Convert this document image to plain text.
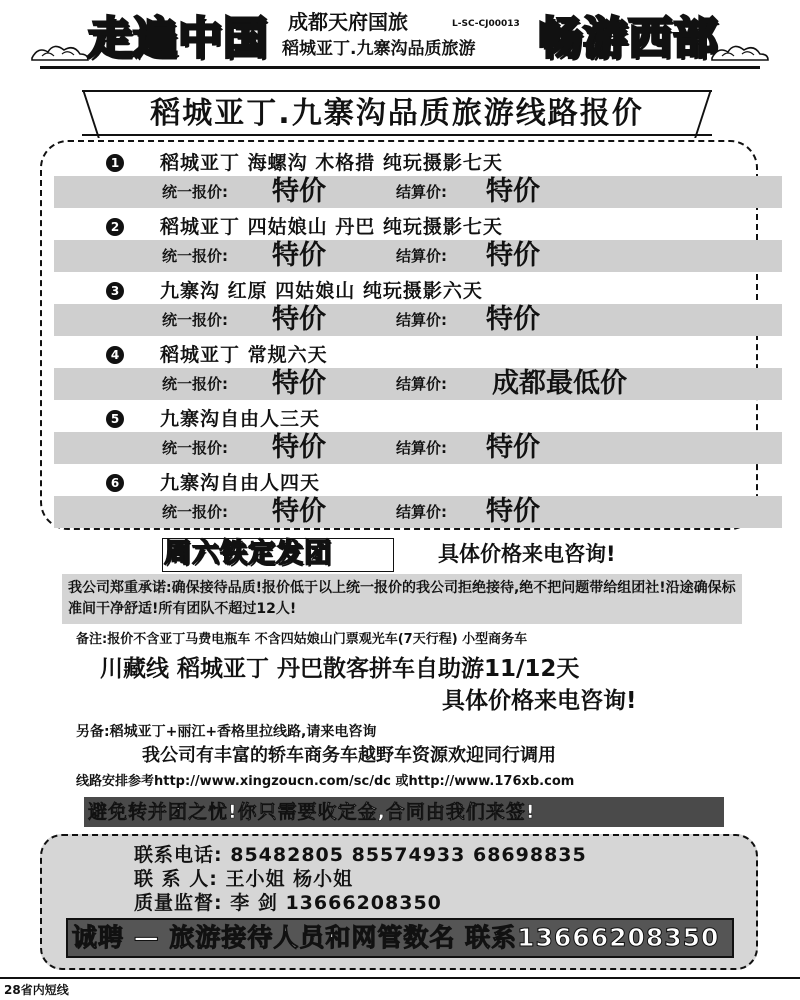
走遍中国 成都天府国旅	L-SC-CJ00013
稻城亚丁.九寨沟品质旅游 畅游西部
稻城亚丁.九寨沟品质旅游线路报价
1 稻城亚丁 海螺沟 木格措 纯玩摄影七天
统一报价: 特价	结算价: 特价
2 稻城亚丁 四姑娘山 丹巴 纯玩摄影七天
统一报价: 特价	结算价: 特价
3 九寨沟 红原 四姑娘山 纯玩摄影六天
统一报价: 特价	结算价: 特价
4 稻城亚丁 常规六天
统一报价: 特价	结算价: 成都最低价
5 九寨沟自由人三天
统一报价: 特价	结算价: 特价
6 九寨沟自由人四天
统一报价: 特价	结算价: 特价
周六铁定发团	具体价格来电咨询!
我公司郑重承诺:确保接待品质!报价低于以上统一报价的我公司拒绝接待,绝不把问题带给组团社!沿途确保标准间干净舒适!所有团队不超过12人!
备注:报价不含亚丁马费电瓶车 不含四姑娘山门票观光车(7天行程) 小型商务车
川藏线 稻城亚丁 丹巴散客拼车自助游11/12天
具体价格来电咨询!
另备:稻城亚丁+丽江+香格里拉线路,请来电咨询
我公司有丰富的轿车商务车越野车资源欢迎同行调用
线路安排参考http://www.xingzoucn.com/sc/dc 或http://www.176xb.com
避免转并团之忧!你只需要收定金,合同由我们来签!
联系电话: 85482805 85574933 68698835
联 系 人: 王小姐 杨小姐
质量监督: 李 剑 13666208350
诚聘 — 旅游接待人员和网管数名 联系13666208350
28省内短线
